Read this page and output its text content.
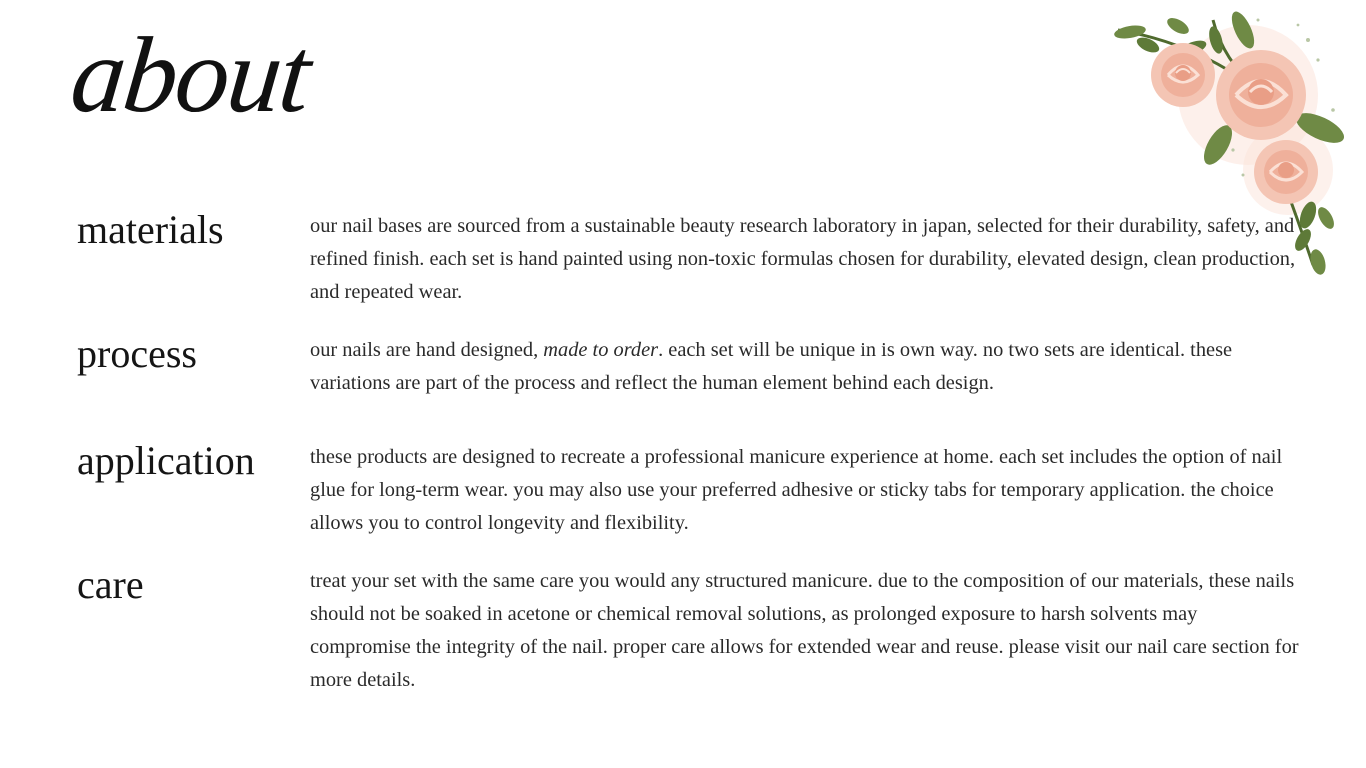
about
materials	our nail bases are sourced from a sustainable beauty research laboratory in japan, selected for their durability, safety, and refined finish. each set is hand painted using non-toxic formulas chosen for durability, elevated design, clean production, and repeated wear.

process	our nails are hand designed, made to order. each set will be unique in is own way. no two sets are identical. these variations are part of the process and reflect the human element behind each design.

application	these products are designed to recreate a professional manicure experience at home. each set includes the option of nail glue for long-term wear. you may also use your preferred adhesive or sticky tabs for temporary application. the choice allows you to control longevity and flexibility.

care	treat your set with the same care you would any structured manicure. due to the composition of our materials, these nails should not be soaked in acetone or chemical removal solutions, as prolonged exposure to harsh solvents may compromise the integrity of the nail. proper care allows for extended wear and reuse. please visit our nail care section for more details.
